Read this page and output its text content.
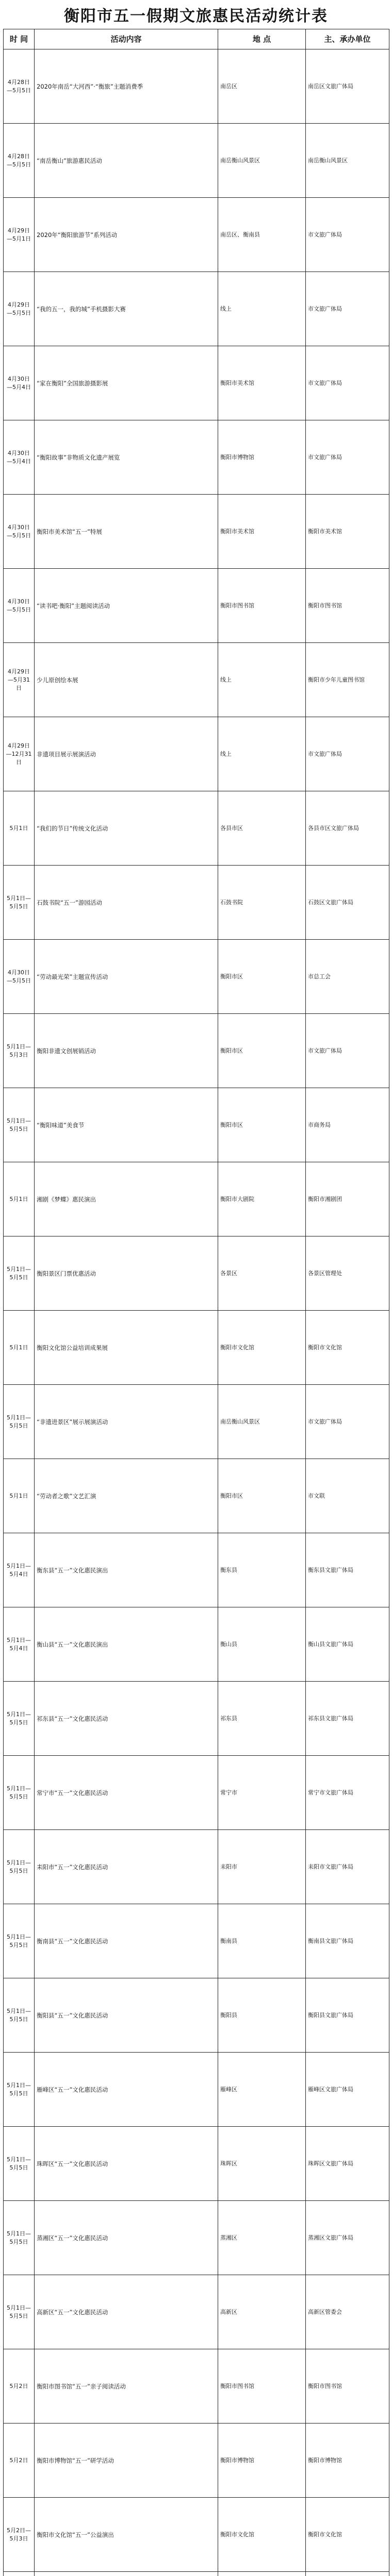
衡阳市五一假期文旅惠民活动统计表
时 间	活动内容	地 点	主、承办单位
4月28日—5月5日	2020年南岳“大河西”·“衡旅”主题消费季	南岳区	南岳区文旅广体局
4月28日—5月5日	“南岳衡山”旅游惠民活动	南岳衡山风景区	南岳衡山风景区
4月29日—5月1日	2020年“衡阳旅游节”系列活动	南岳区、衡南县	市文旅广体局
4月29日—5月5日	“我的五一，我的城”手机摄影大赛	线上	市文旅广体局
4月30日—5月4日	“家在衡阳”全国旅游摄影展	衡阳市美术馆	市文旅广体局
4月30日—5月4日	“衡阳故事”非物质文化遗产展览	衡阳市博物馆	市文旅广体局
4月30日—5月5日	衡阳市美术馆“五一”特展	衡阳市美术馆	衡阳市美术馆
4月30日—5月5日	“读书吧·衡阳”主题阅读活动	衡阳市图书馆	衡阳市图书馆
4月29日—5月31日	少儿原创绘本展	线上	衡阳市少年儿童图书馆
4月29日—12月31日	非遗项目展示展演活动	线上	市文旅广体局
5月1日	“我们的节日”传统文化活动	各县市区	各县市区文旅广体局
5月1日—5月5日	石鼓书院“五一”游园活动	石鼓书院	石鼓区文旅广体局
4月30日—5月5日	“劳动最光荣”主题宣传活动	衡阳市区	市总工会
5月1日—5月3日	衡阳非遗文创展销活动	衡阳市区	市文旅广体局
5月1日—5月5日	“衡阳味道”美食节	衡阳市区	市商务局
5月1日	湘剧《梦蝶》惠民演出	衡阳市大剧院	衡阳市湘剧团
5月1日—5月5日	衡阳景区门票优惠活动	各景区	各景区管理处
5月1日	衡阳文化馆公益培训成果展	衡阳市文化馆	衡阳市文化馆
5月1日—5月5日	“非遗进景区”展示展演活动	南岳衡山风景区	市文旅广体局
5月1日	“劳动者之歌”文艺汇演	衡阳市区	市文联
5月1日—5月4日	衡东县“五一”文化惠民演出	衡东县	衡东县文旅广体局
5月1日—5月4日	衡山县“五一”文化惠民演出	衡山县	衡山县文旅广体局
5月1日—5月5日	祁东县“五一”文化惠民活动	祁东县	祁东县文旅广体局
5月1日—5月5日	常宁市“五一”文化惠民活动	常宁市	常宁市文旅广体局
5月1日—5月5日	耒阳市“五一”文化惠民活动	耒阳市	耒阳市文旅广体局
5月1日—5月5日	衡南县“五一”文化惠民活动	衡南县	衡南县文旅广体局
5月1日—5月5日	衡阳县“五一”文化惠民活动	衡阳县	衡阳县文旅广体局
5月1日—5月5日	雁峰区“五一”文化惠民活动	雁峰区	雁峰区文旅广体局
5月1日—5月5日	珠晖区“五一”文化惠民活动	珠晖区	珠晖区文旅广体局
5月1日—5月5日	蒸湘区“五一”文化惠民活动	蒸湘区	蒸湘区文旅广体局
5月1日—5月5日	高新区“五一”文化惠民活动	高新区	高新区管委会
5月2日	衡阳市图书馆“五一”亲子阅读活动	衡阳市图书馆	衡阳市图书馆
5月2日	衡阳市博物馆“五一”研学活动	衡阳市博物馆	衡阳市博物馆
5月2日—5月3日	衡阳市文化馆“五一”公益演出	衡阳市文化馆	衡阳市文化馆
